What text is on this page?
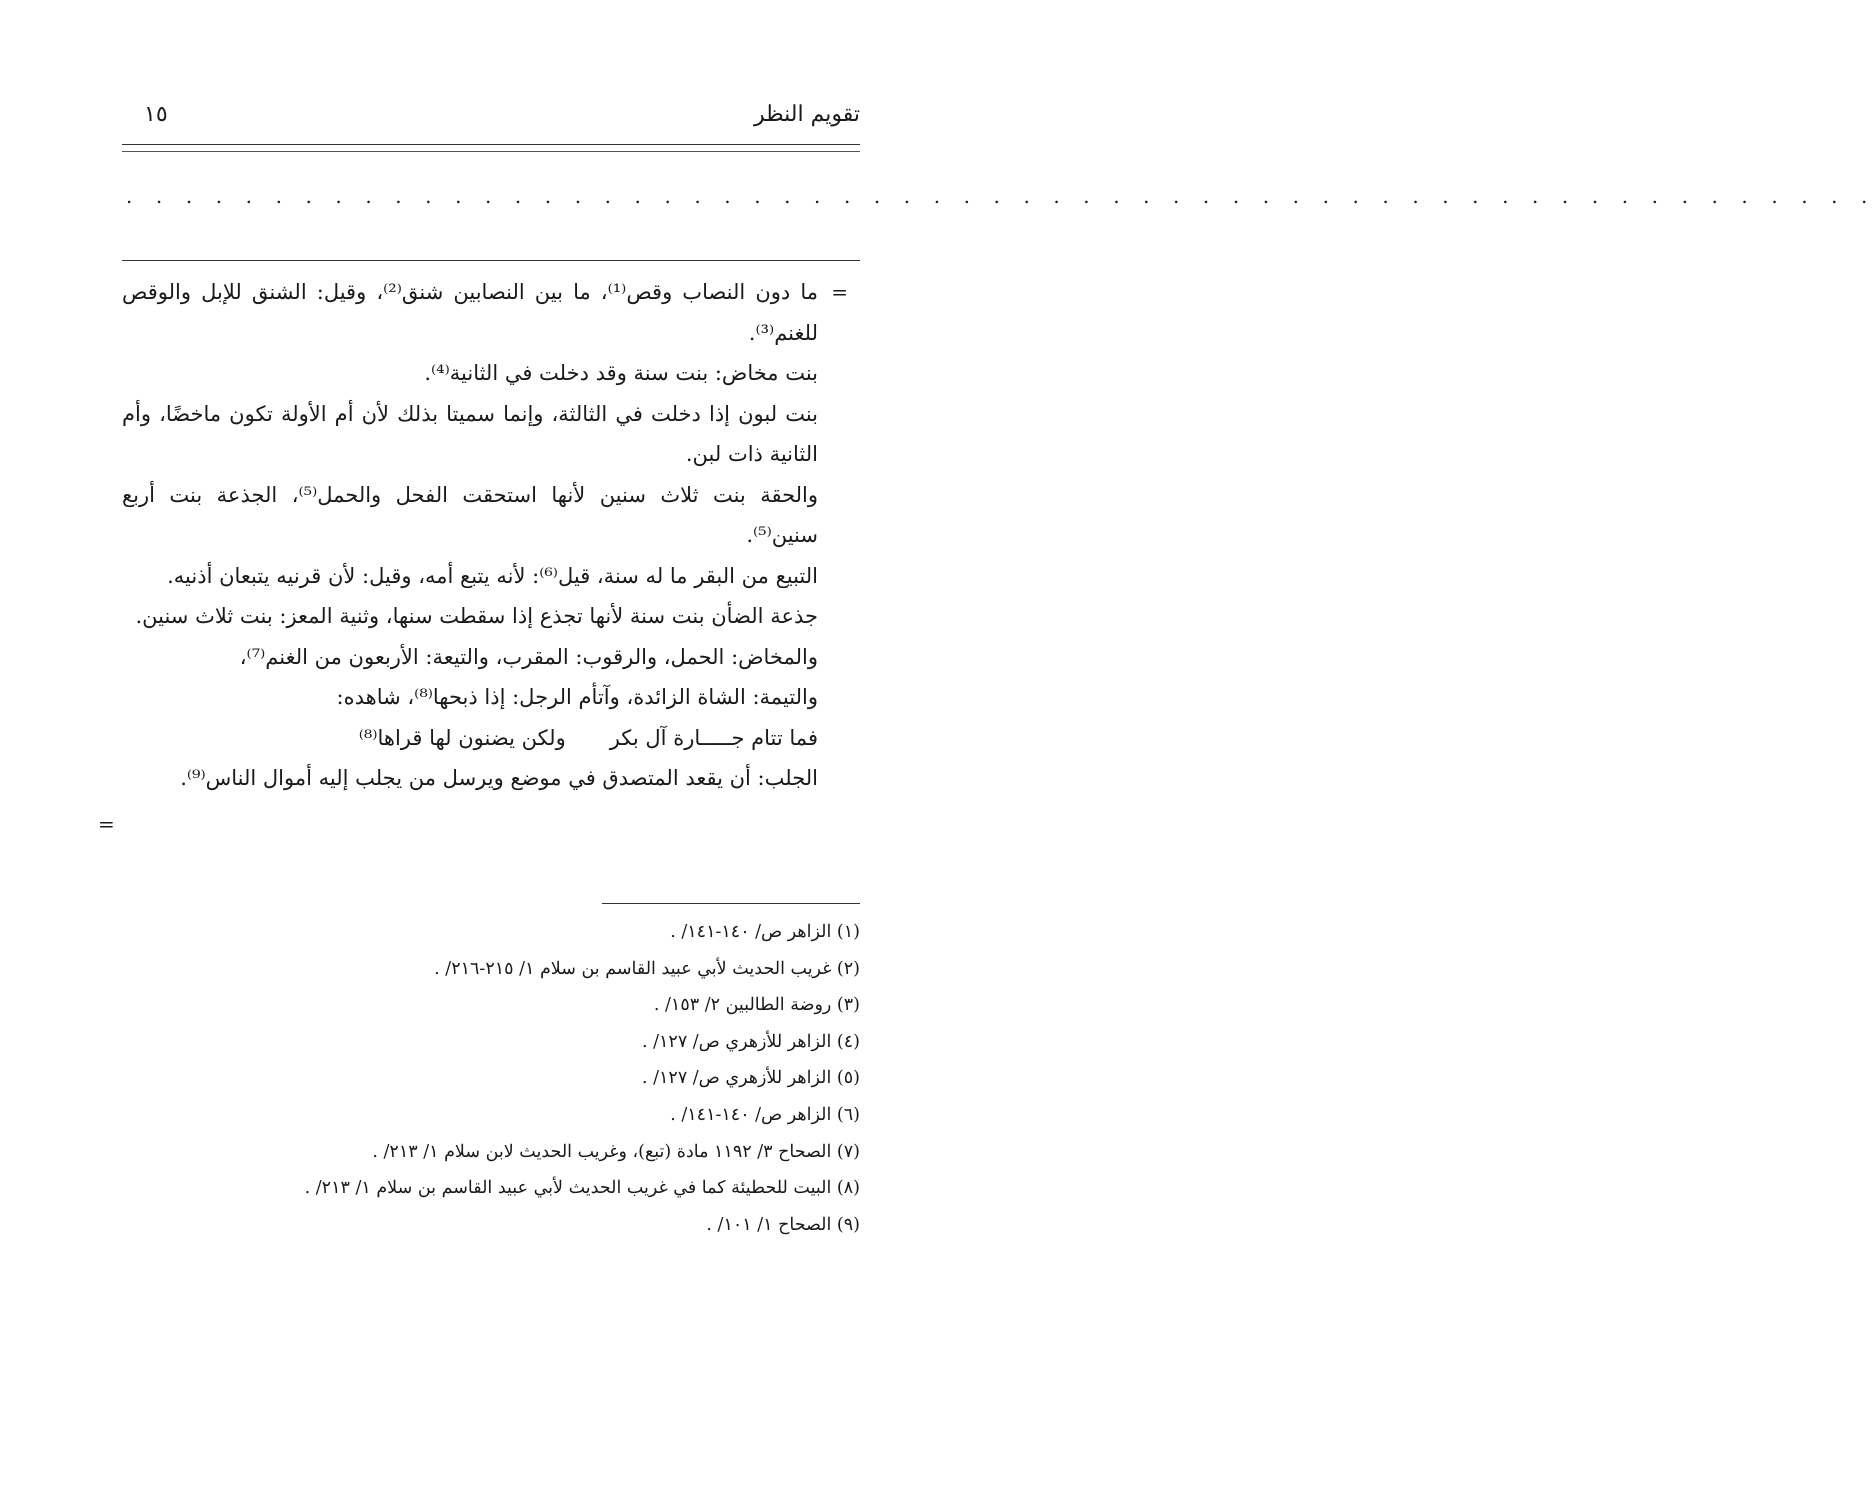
تقويم النظر
١٥
. . . . . . . . . . . . . . . . . . . . . . . . . . . . . . . . . . . . . . . . . . . . . . . . . . . . . . . . . . .
=

ما دون النصاب وقص⁽¹⁾، ما بين النصابين شنق⁽²⁾، وقيل: الشنق للإبل والوقص للغنم⁽³⁾.

بنت مخاض: بنت سنة وقد دخلت في الثانية⁽⁴⁾.

بنت لبون إذا دخلت في الثالثة، وإنما سميتا بذلك لأن أم الأولة تكون ماخضًا، وأم الثانية ذات لبن.

والحقة بنت ثلاث سنين لأنها استحقت الفحل والحمل⁽⁵⁾، الجذعة بنت أربع سنين⁽⁵⁾.

التبيع من البقر ما له سنة، قيل⁽⁶⁾: لأنه يتبع أمه، وقيل: لأن قرنيه يتبعان أذنيه.

جذعة الضأن بنت سنة لأنها تجذع إذا سقطت سنها، وثنية المعز: بنت ثلاث سنين.

والمخاض: الحمل، والرقوب: المقرب، والتيعة: الأربعون من الغنم⁽⁷⁾،

والتيمة: الشاة الزائدة، وآتأم الرجل: إذا ذبحها⁽⁸⁾، شاهده:

فما تتام جـــــارة آل بكر
ولكن يضنون لها قراها⁽⁸⁾

الجلب: أن يقعد المتصدق في موضع ويرسل من يجلب إليه أموال الناس⁽⁹⁾.

=
(١) الزاهر ص/ ١٤٠-١٤١/ .
(٢) غريب الحديث لأبي عبيد القاسم بن سلام ١/ ٢١٥-٢١٦/ .
(٣) روضة الطالبين ٢/ ١٥٣/ .
(٤) الزاهر للأزهري ص/ ١٢٧/ .
(٥) الزاهر للأزهري ص/ ١٢٧/ .
(٦) الزاهر ص/ ١٤٠-١٤١/ .
(٧) الصحاح ٣/ ١١٩٢ مادة (تبع)، وغريب الحديث لابن سلام ١/ ٢١٣/ .
(٨) البيت للحطيئة كما في غريب الحديث لأبي عبيد القاسم بن سلام ١/ ٢١٣/ .
(٩) الصحاح ١/ ١٠١/ .
